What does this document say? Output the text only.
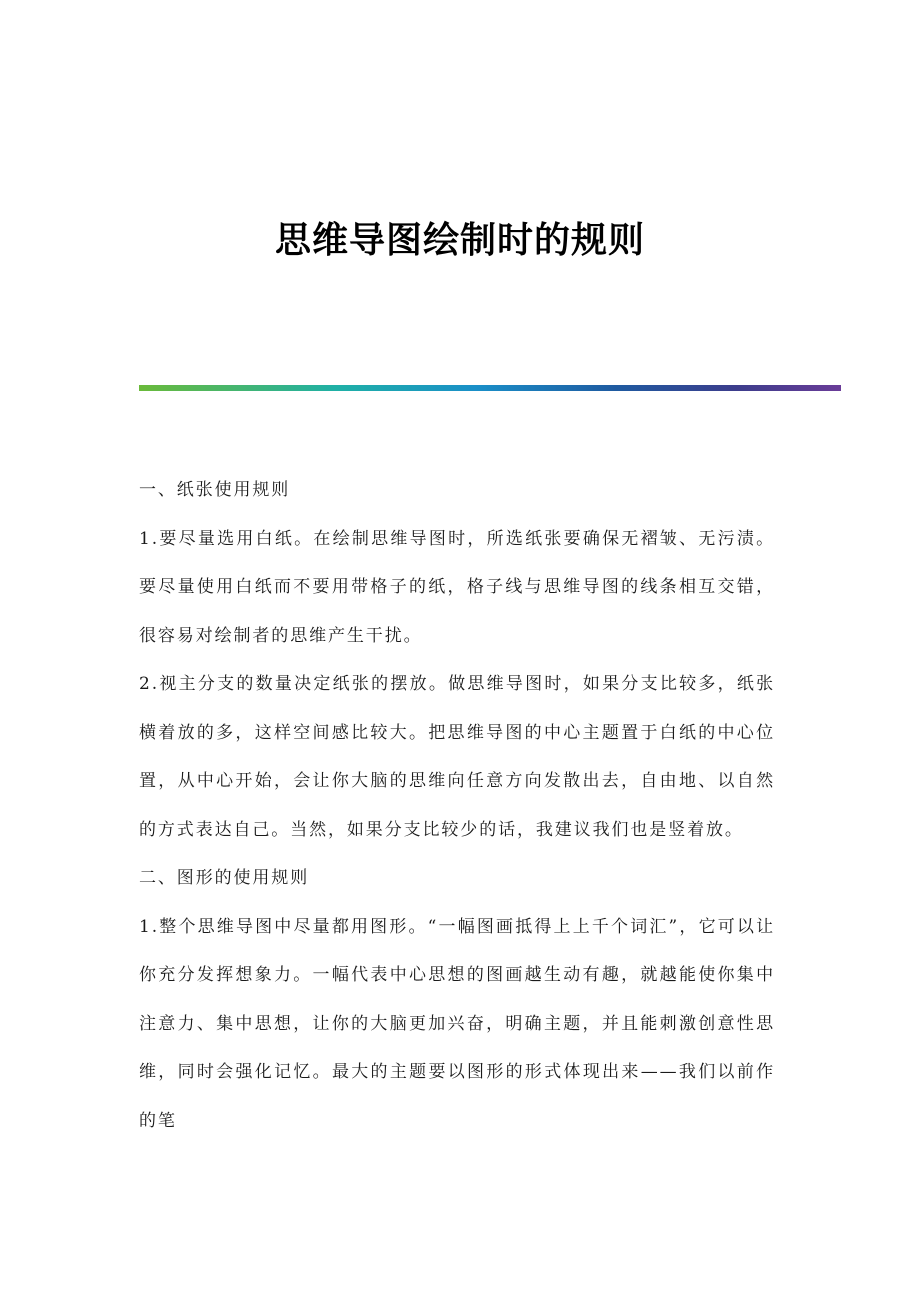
思维导图绘制时的规则

一、纸张使用规则

1.要尽量选用白纸。在绘制思维导图时，所选纸张要确保无褶皱、无污渍。要尽量使用白纸而不要用带格子的纸，格子线与思维导图的线条相互交错，很容易对绘制者的思维产生干扰。

2.视主分支的数量决定纸张的摆放。做思维导图时，如果分支比较多，纸张横着放的多，这样空间感比较大。把思维导图的中心主题置于白纸的中心位置，从中心开始，会让你大脑的思维向任意方向发散出去，自由地、以自然的方式表达自己。当然，如果分支比较少的话，我建议我们也是竖着放。

二、图形的使用规则

1.整个思维导图中尽量都用图形。“一幅图画抵得上上千个词汇”，它可以让你充分发挥想象力。一幅代表中心思想的图画越生动有趣，就越能使你集中注意力、集中思想，让你的大脑更加兴奋，明确主题，并且能刺激创意性思维，同时会强化记忆。最大的主题要以图形的形式体现出来——我们以前作的笔
